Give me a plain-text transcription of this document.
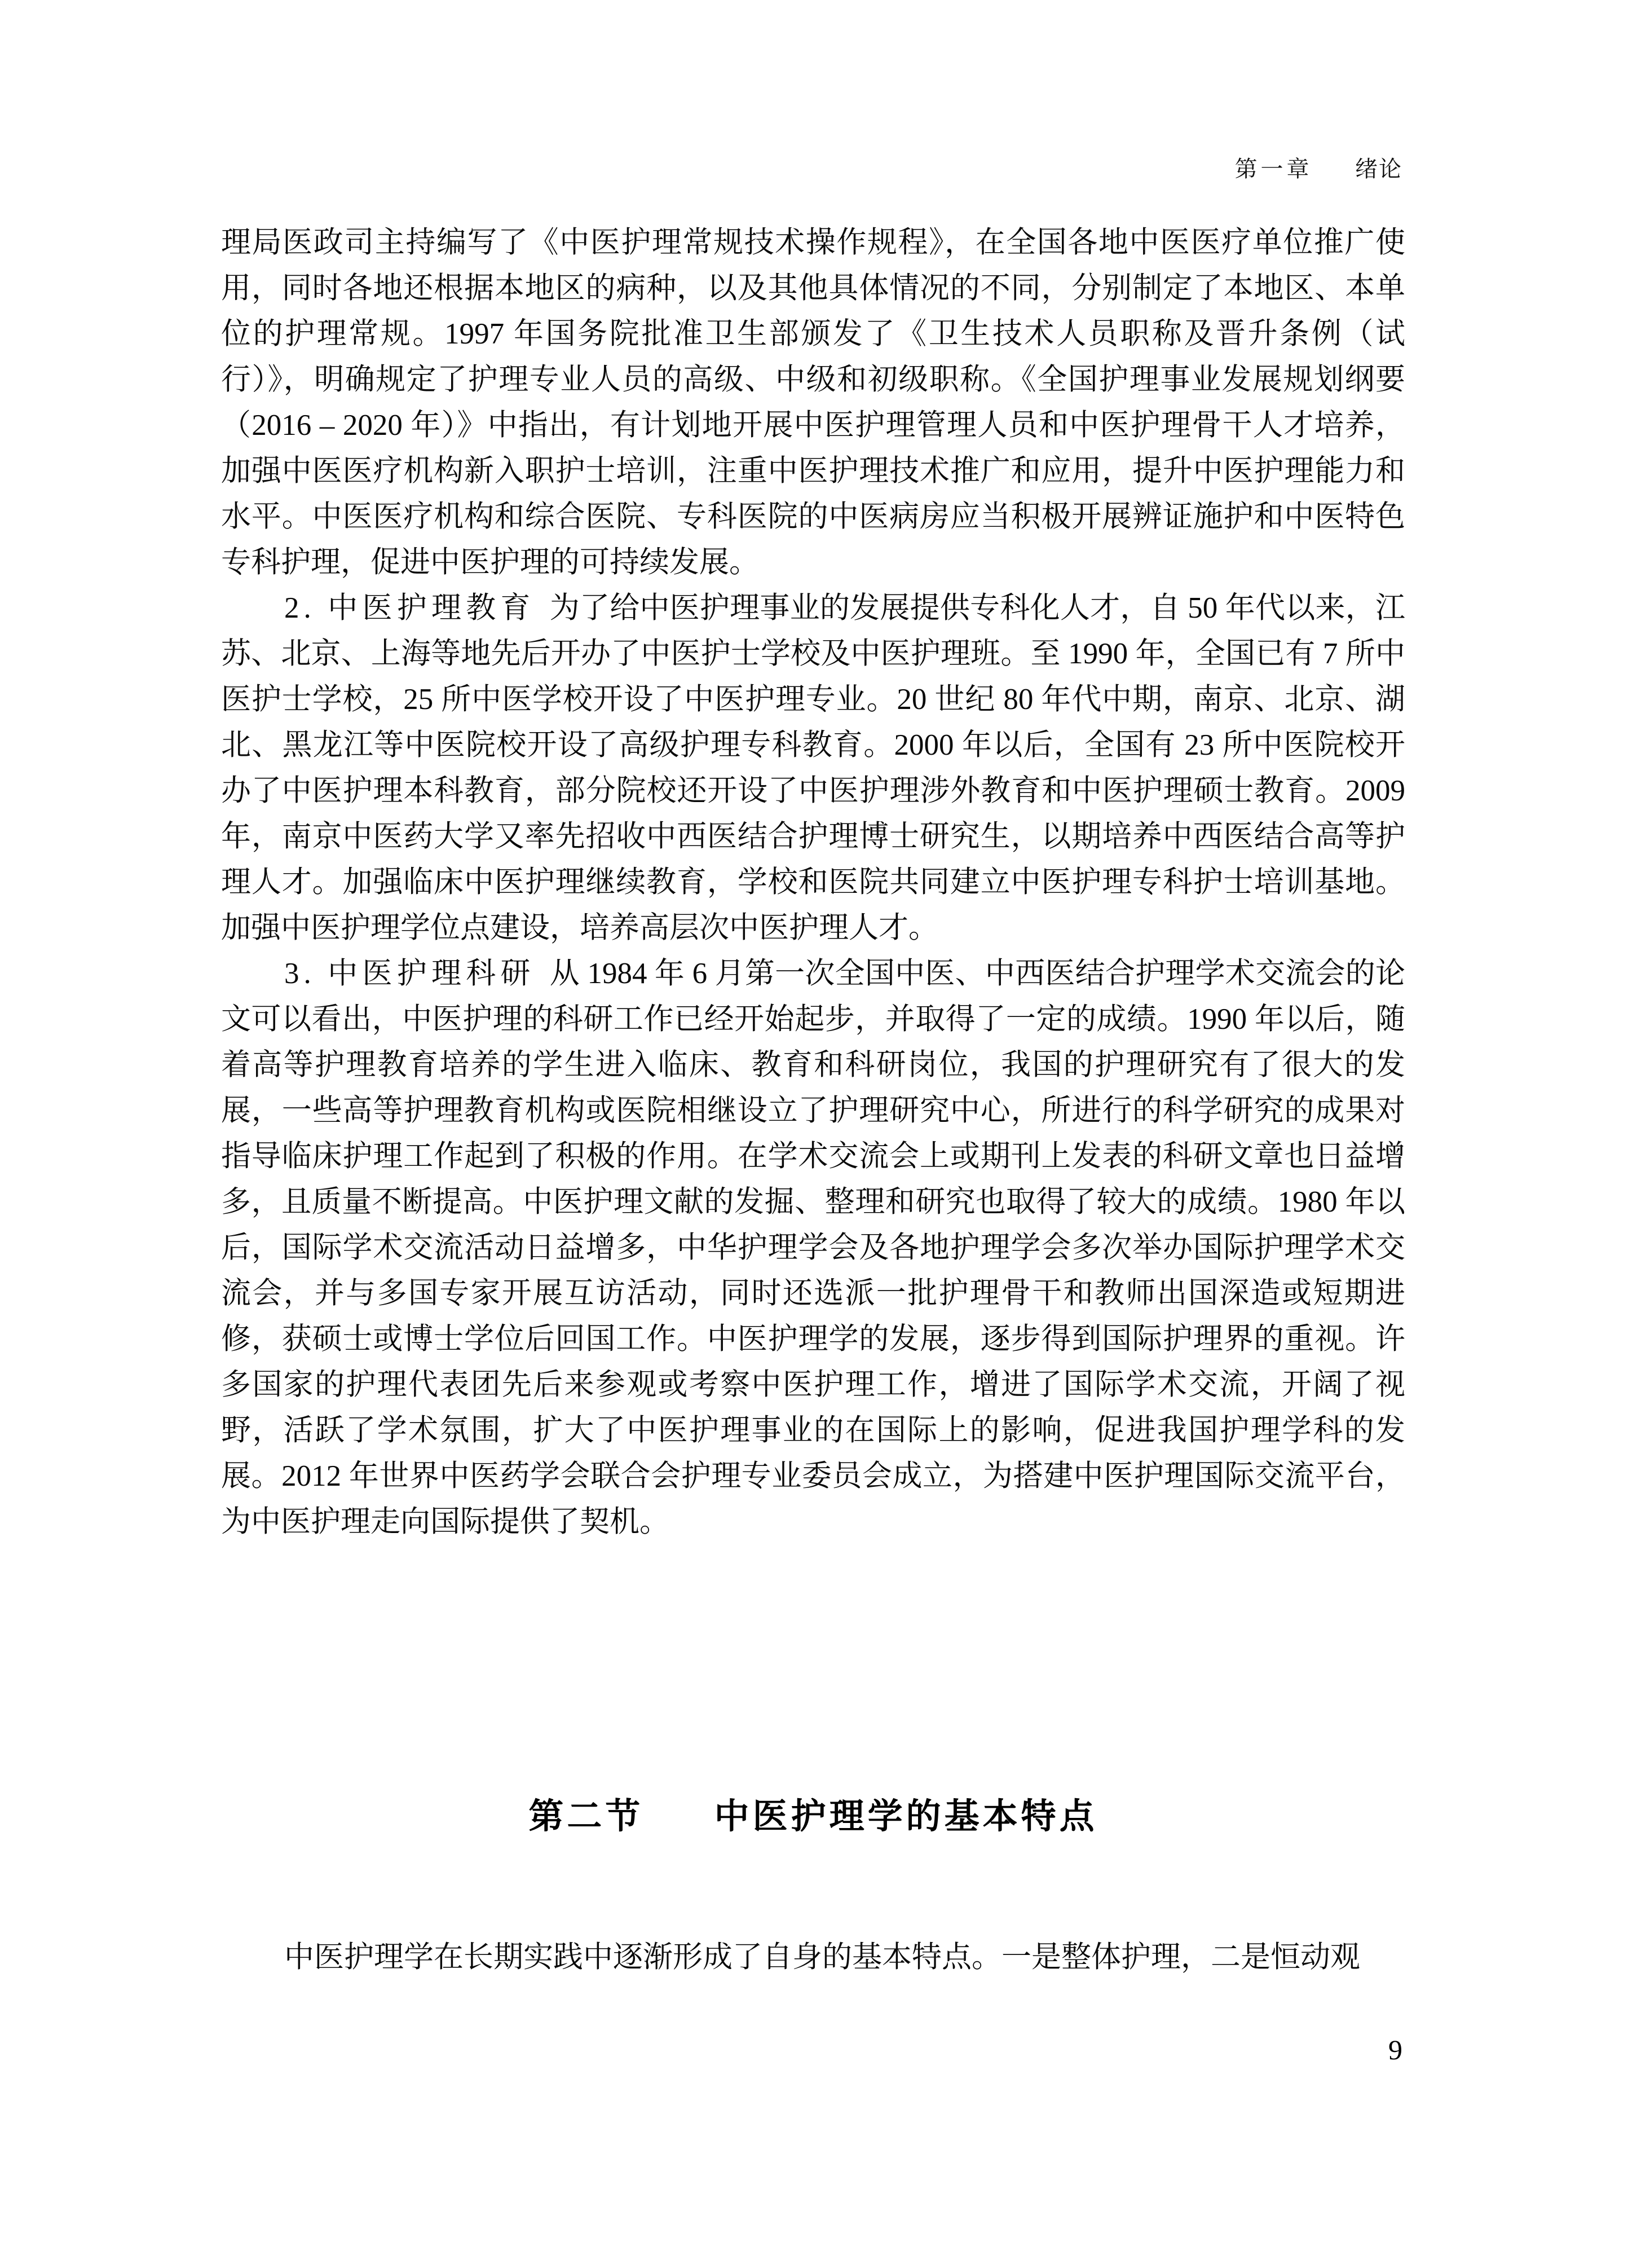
第一章 绪论

理局医政司主持编写了《中医护理常规技术操作规程》，在全国各地中医医疗单位推广使用，同时各地还根据本地区的病种，以及其他具体情况的不同，分别制定了本地区、本单位的护理常规。1997 年国务院批准卫生部颁发了《卫生技术人员职称及晋升条例（试行）》，明确规定了护理专业人员的高级、中级和初级职称。《全国护理事业发展规划纲要（2016 – 2020 年）》中指出，有计划地开展中医护理管理人员和中医护理骨干人才培养，加强中医医疗机构新入职护士培训，注重中医护理技术推广和应用，提升中医护理能力和水平。中医医疗机构和综合医院、专科医院的中医病房应当积极开展辨证施护和中医特色专科护理，促进中医护理的可持续发展。

2. 中医护理教育 为了给中医护理事业的发展提供专科化人才，自 50 年代以来，江苏、北京、上海等地先后开办了中医护士学校及中医护理班。至 1990 年，全国已有 7 所中医护士学校，25 所中医学校开设了中医护理专业。20 世纪 80 年代中期，南京、北京、湖北、黑龙江等中医院校开设了高级护理专科教育。2000 年以后，全国有 23 所中医院校开办了中医护理本科教育，部分院校还开设了中医护理涉外教育和中医护理硕士教育。2009 年，南京中医药大学又率先招收中西医结合护理博士研究生，以期培养中西医结合高等护理人才。加强临床中医护理继续教育，学校和医院共同建立中医护理专科护士培训基地。加强中医护理学位点建设，培养高层次中医护理人才。

3. 中医护理科研 从 1984 年 6 月第一次全国中医、中西医结合护理学术交流会的论文可以看出，中医护理的科研工作已经开始起步，并取得了一定的成绩。1990 年以后，随着高等护理教育培养的学生进入临床、教育和科研岗位，我国的护理研究有了很大的发展，一些高等护理教育机构或医院相继设立了护理研究中心，所进行的科学研究的成果对指导临床护理工作起到了积极的作用。在学术交流会上或期刊上发表的科研文章也日益增多，且质量不断提高。中医护理文献的发掘、整理和研究也取得了较大的成绩。1980 年以后，国际学术交流活动日益增多，中华护理学会及各地护理学会多次举办国际护理学术交流会，并与多国专家开展互访活动，同时还选派一批护理骨干和教师出国深造或短期进修，获硕士或博士学位后回国工作。中医护理学的发展，逐步得到国际护理界的重视。许多国家的护理代表团先后来参观或考察中医护理工作，增进了国际学术交流，开阔了视野，活跃了学术氛围，扩大了中医护理事业的在国际上的影响，促进我国护理学科的发展。2012 年世界中医药学会联合会护理专业委员会成立，为搭建中医护理国际交流平台，为中医护理走向国际提供了契机。

第二节 中医护理学的基本特点

中医护理学在长期实践中逐渐形成了自身的基本特点。一是整体护理，二是恒动观

9
